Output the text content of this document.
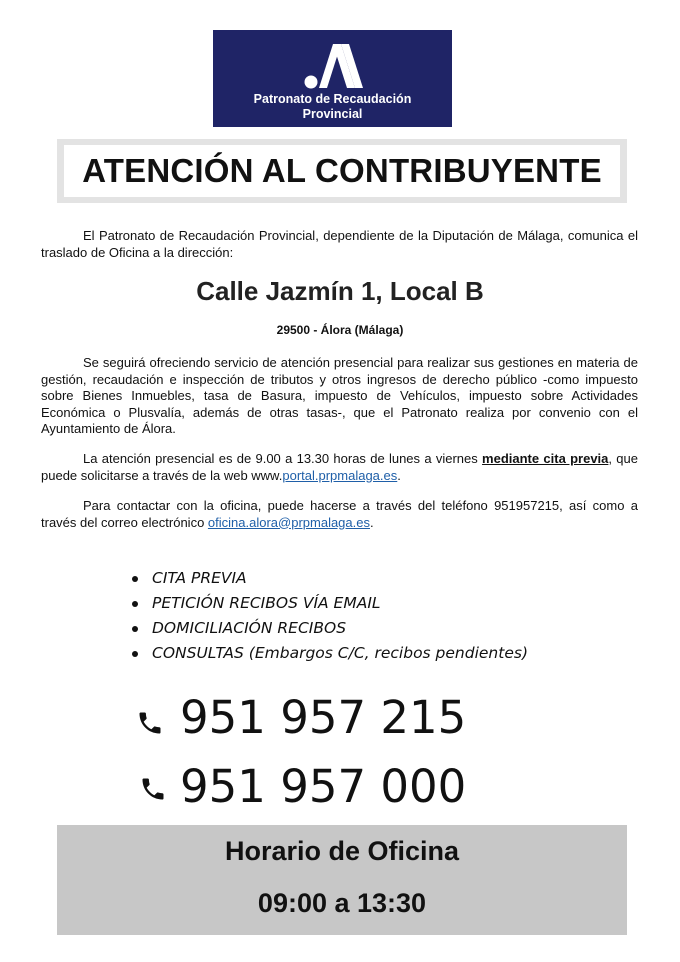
Patronato de Recaudación
Provincial
ATENCIÓN AL CONTRIBUYENTE

El Patronato de Recaudación Provincial, dependiente de la Diputación de Málaga, comunica el traslado de Oficina a la dirección:

Calle Jazmín 1, Local B
29500 - Álora (Málaga)

Se seguirá ofreciendo servicio de atención presencial para realizar sus gestiones en materia de gestión, recaudación e inspección de tributos y otros ingresos de derecho público -como impuesto sobre Bienes Inmuebles, tasa de Basura, impuesto de Vehículos, impuesto sobre Actividades Económica o Plusvalía, además de otras tasas-, que el Patronato realiza por convenio con el Ayuntamiento de Álora.

La atención presencial es de 9.00 a 13.30 horas de lunes a viernes mediante cita previa, que puede solicitarse a través de la web www.portal.prpmalaga.es.

Para contactar con la oficina, puede hacerse a través del teléfono 951957215, así como a través del correo electrónico oficina.alora@prpmalaga.es.

CITA PREVIA
PETICIÓN RECIBOS VÍA EMAIL
DOMICILIACIÓN RECIBOS
CONSULTAS (Embargos C/C, recibos pendientes)
951 957 215
951 957 000
Horario de Oficina
09:00 a 13:30
